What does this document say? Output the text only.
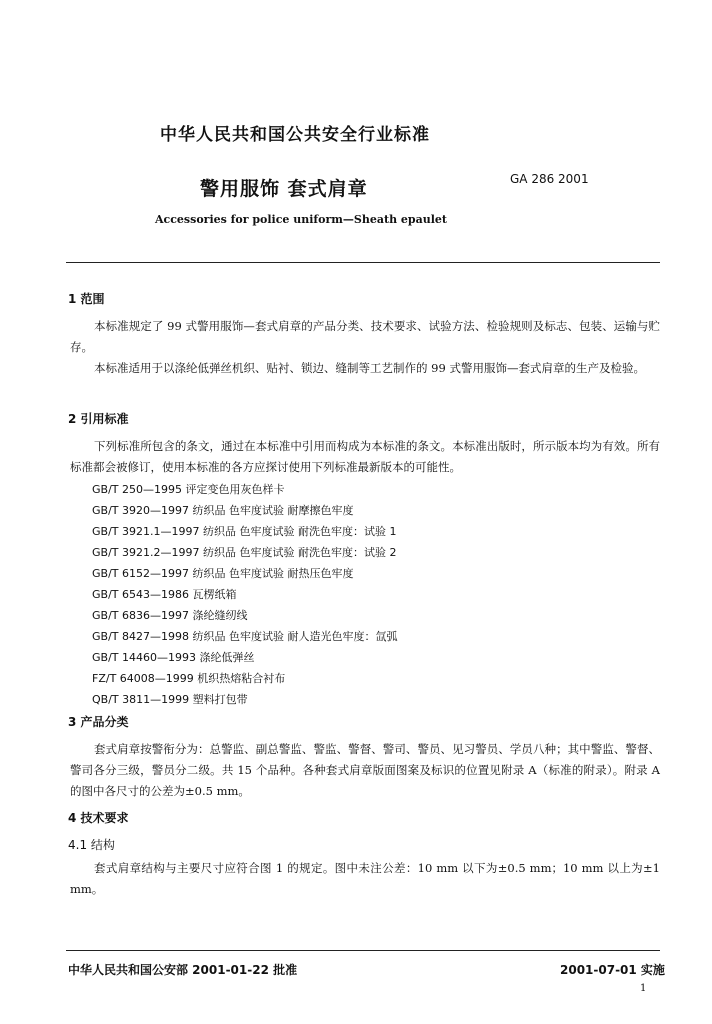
中华人民共和国公共安全行业标准
警用服饰 套式肩章	GA 286 2001
Accessories for police uniform—Sheath epaulet
1 范围
本标准规定了 99 式警用服饰—套式肩章的产品分类、技术要求、试验方法、检验规则及标志、包装、运输与贮存。
本标准适用于以涤纶低弹丝机织、贴衬、锁边、缝制等工艺制作的 99 式警用服饰—套式肩章的生产及检验。
2 引用标准
下列标准所包含的条文，通过在本标准中引用而构成为本标准的条文。本标准出版时，所示版本均为有效。所有标准都会被修订，使用本标准的各方应探讨使用下列标准最新版本的可能性。
GB/T 250—1995 评定变色用灰色样卡
GB/T 3920—1997 纺织品 色牢度试验 耐摩擦色牢度
GB/T 3921.1—1997 纺织品 色牢度试验 耐洗色牢度：试验 1
GB/T 3921.2—1997 纺织品 色牢度试验 耐洗色牢度：试验 2
GB/T 6152—1997 纺织品 色牢度试验 耐热压色牢度
GB/T 6543—1986 瓦楞纸箱
GB/T 6836—1997 涤纶缝纫线
GB/T 8427—1998 纺织品 色牢度试验 耐人造光色牢度：氙弧
GB/T 14460—1993 涤纶低弹丝
FZ/T 64008—1999 机织热熔粘合衬布
QB/T 3811—1999 塑料打包带
3 产品分类
套式肩章按警衔分为：总警监、副总警监、警监、警督、警司、警员、见习警员、学员八种；其中警监、警督、警司各分三级，警员分二级。共 15 个品种。各种套式肩章版面图案及标识的位置见附录 A（标准的附录）。附录 A 的图中各尺寸的公差为±0.5 mm。
4 技术要求
4.1 结构
套式肩章结构与主要尺寸应符合图 1 的规定。图中未注公差：10 mm 以下为±0.5 mm；10 mm 以上为±1 mm。
中华人民共和国公安部 2001-01-22 批准	2001-07-01 实施
1
